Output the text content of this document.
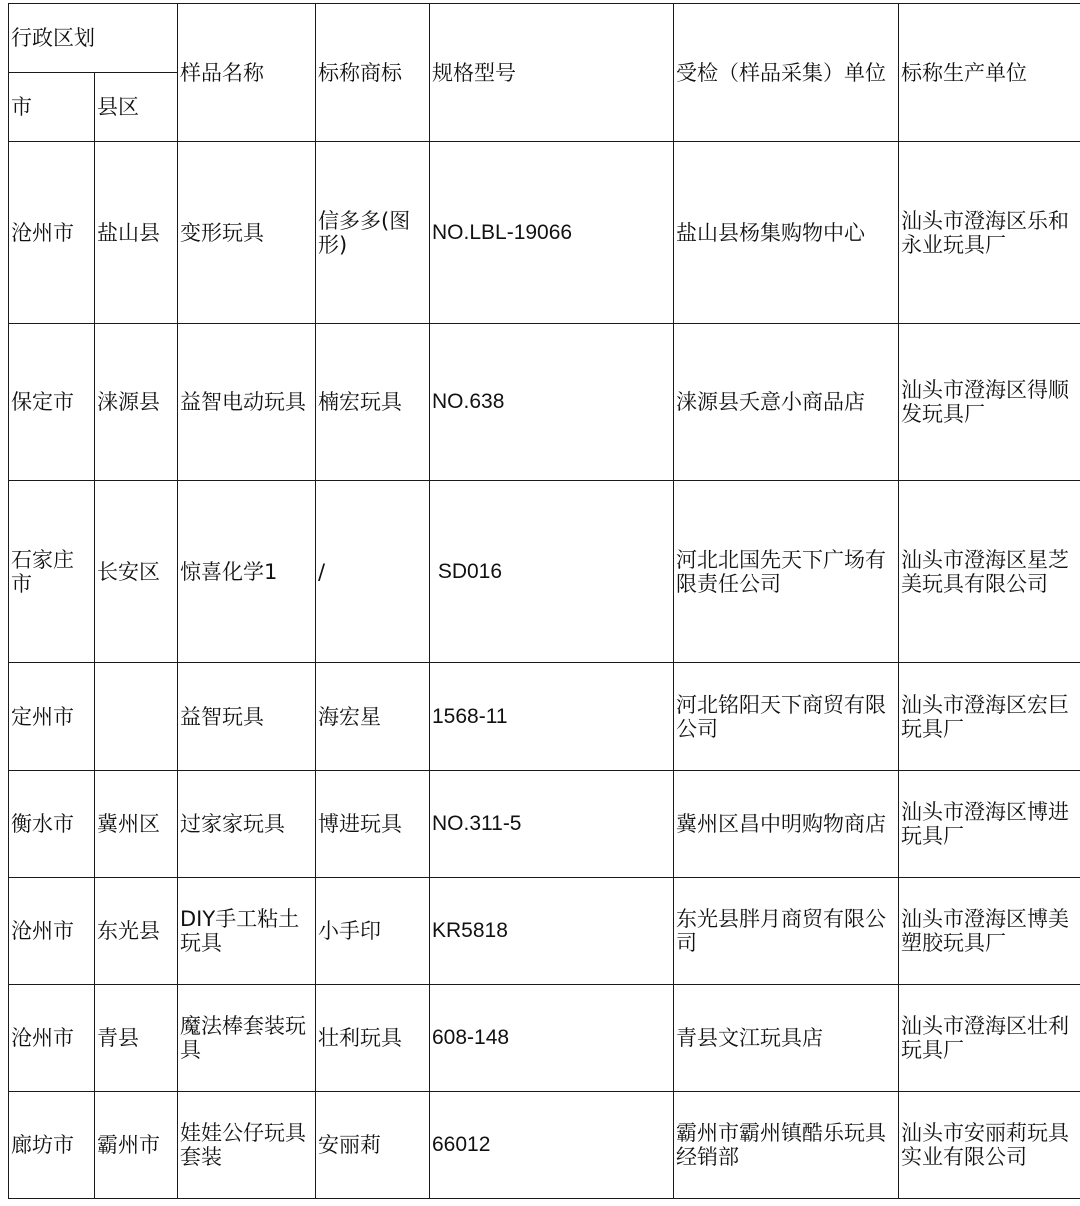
行政区划		样品名称	标称商标	规格型号	受检（样品采集）单位	标称生产单位
市	县区					
沧州市	盐山县	变形玩具	信多多(图形)	NO.LBL-19066	盐山县杨集购物中心	汕头市澄海区乐和永业玩具厂
保定市	涞源县	益智电动玩具	楠宏玩具	NO.638	涞源县夭意小商品店	汕头市澄海区得顺发玩具厂
石家庄市	长安区	惊喜化学1	/	SD016	河北北国先天下广场有限责任公司	汕头市澄海区星芝美玩具有限公司
定州市		益智玩具	海宏星	1568-11	河北铭阳天下商贸有限公司	汕头市澄海区宏巨玩具厂
衡水市	冀州区	过家家玩具	博进玩具	NO.311-5	冀州区昌中明购物商店	汕头市澄海区博进玩具厂
沧州市	东光县	DIY手工粘土玩具	小手印	KR5818	东光县胖月商贸有限公司	汕头市澄海区博美塑胶玩具厂
沧州市	青县	魔法棒套装玩具	壮利玩具	608-148	青县文江玩具店	汕头市澄海区壮利玩具厂
廊坊市	霸州市	娃娃公仔玩具套装	安丽莉	66012	霸州市霸州镇酷乐玩具经销部	汕头市安丽莉玩具实业有限公司
